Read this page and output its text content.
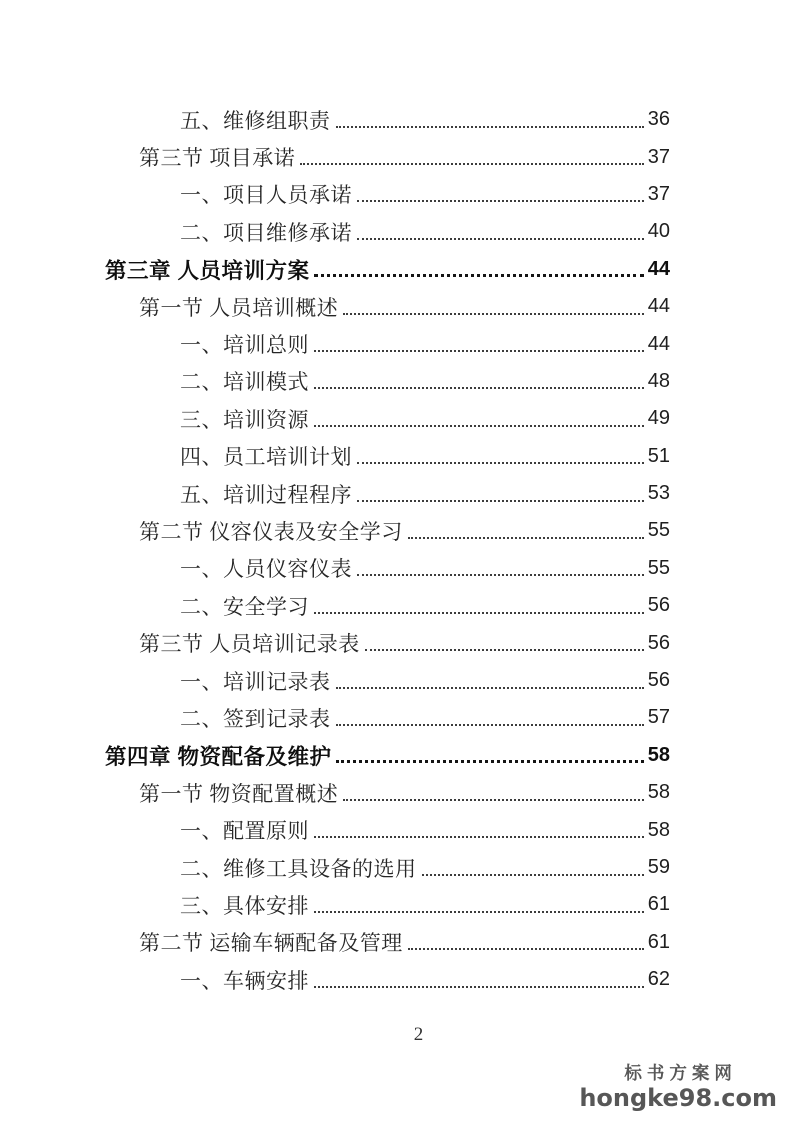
五、维修组职责	36
第三节 项目承诺	37
一、项目人员承诺	37
二、项目维修承诺	40
第三章 人员培训方案	44
第一节 人员培训概述	44
一、培训总则	44
二、培训模式	48
三、培训资源	49
四、员工培训计划	51
五、培训过程程序	53
第二节 仪容仪表及安全学习	55
一、人员仪容仪表	55
二、安全学习	56
第三节 人员培训记录表	56
一、培训记录表	56
二、签到记录表	57
第四章 物资配备及维护	58
第一节 物资配置概述	58
一、配置原则	58
二、维修工具设备的选用	59
三、具体安排	61
第二节 运输车辆配备及管理	61
一、车辆安排	62
2
标书方案网
hongke98.com
